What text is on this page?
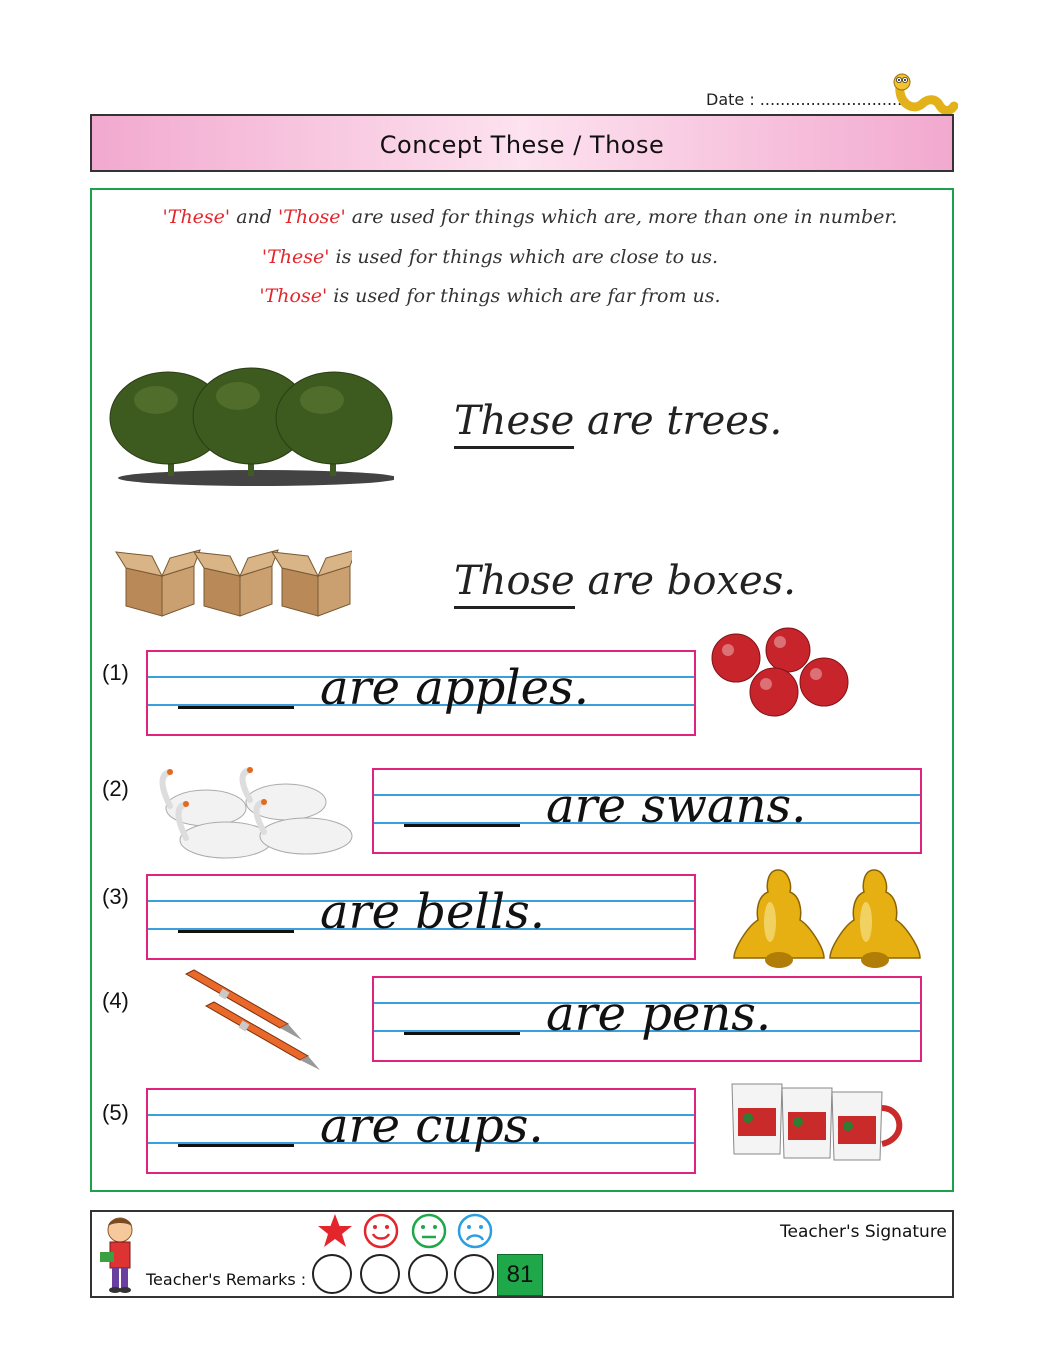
Date : ...............................
Concept These / Those
'These' and 'Those' are used for things which are, more than one in number.
'These' is used for things which are close to us.
'Those' is used for things which are far from us.
These are trees.
Those are boxes.
(1)	are apples.
(2)	are swans.
(3)	are bells.
(4)	are pens.
(5)	are cups.
Teacher's Remarks :
Teacher's Signature
81
